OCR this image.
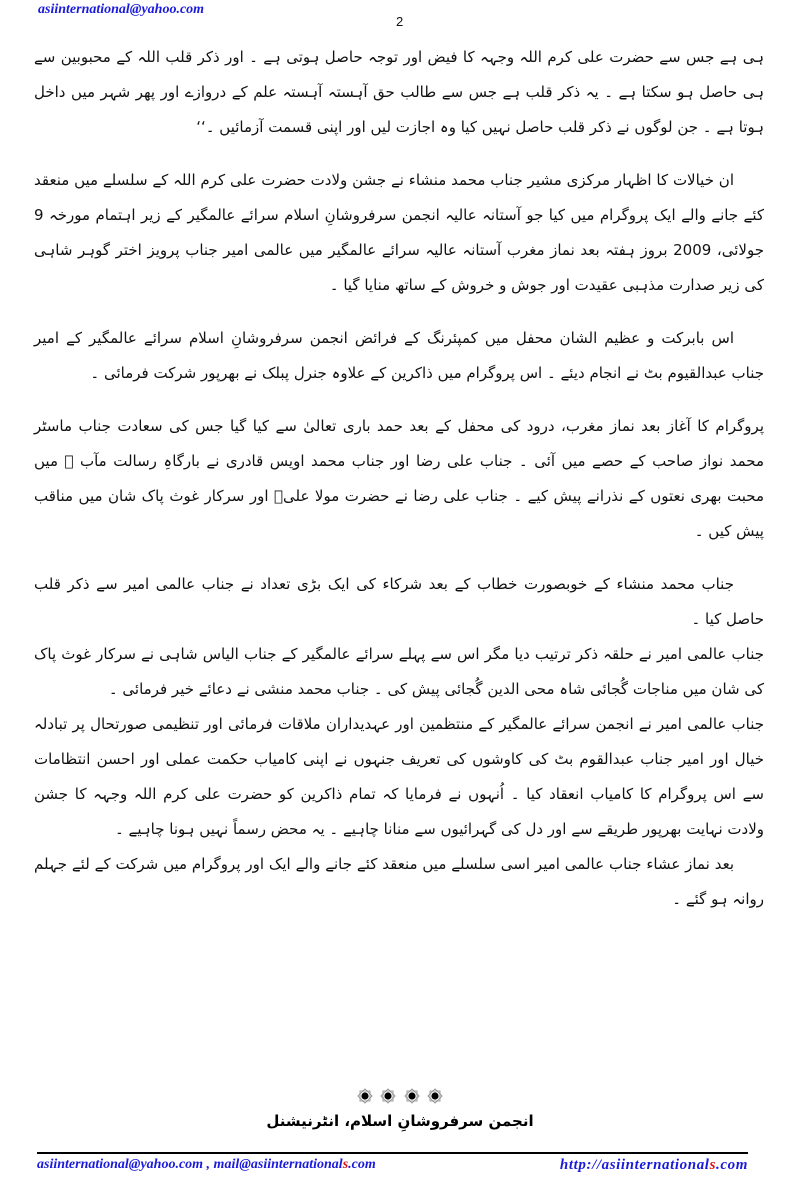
asiinternational@yahoo.com
2

ہی ہے جس سے حضرت علی کرم اللہ وجہہ کا فیض اور توجہ حاصل ہوتی ہے ۔ اور ذکر قلب اللہ کے محبوبین سے ہی حاصل ہو سکتا ہے ۔ یہ ذکر قلب ہے جس سے طالب حق آہستہ آہستہ علم کے دروازے اور پھر شہر میں داخل ہوتا ہے ۔ جن لوگوں نے ذکر قلب حاصل نہیں کیا وہ اجازت لیں اور اپنی قسمت آزمائیں ۔‘‘

ان خیالات کا اظہار مرکزی مشیر جناب محمد منشاء نے جشن ولادت حضرت علی کرم اللہ کے سلسلے میں منعقد کئے جانے والے ایک پروگرام میں کیا جو آستانہ عالیہ انجمن سرفروشانِ اسلام سرائے عالمگیر کے زیر اہتمام مورخہ 9 جولائی، 2009 بروز ہفتہ بعد نماز مغرب آستانہ عالیہ سرائے عالمگیر میں عالمی امیر جناب پرویز اختر گوہر شاہی کی زیر صدارت مذہبی عقیدت اور جوش و خروش کے ساتھ منایا گیا ۔

اس بابرکت و عظیم الشان محفل میں کمپئرنگ کے فرائض انجمن سرفروشانِ اسلام سرائے عالمگیر کے امیر جناب عبدالقیوم بٹ نے انجام دیئے ۔ اس پروگرام میں ذاکرین کے علاوہ جنرل پبلک نے بھرپور شرکت فرمائی ۔

پروگرام کا آغاز بعد نماز مغرب، درود کی محفل کے بعد حمد باری تعالیٰ سے کیا گیا جس کی سعادت جناب ماسٹر محمد نواز صاحب کے حصے میں آئی ۔ جناب علی رضا اور جناب محمد اویس قادری نے بارگاہِ رسالت مآب ﷺ میں محبت بھری نعتوں کے نذرانے پیش کیے ۔ جناب علی رضا نے حضرت مولا علیؑ اور سرکار غوث پاک شان میں مناقب پیش کیں ۔

جناب محمد منشاء کے خوبصورت خطاب کے بعد شرکاء کی ایک بڑی تعداد نے جناب عالمی امیر سے ذکر قلب حاصل کیا ۔

جناب عالمی امیر نے حلقہ ذکر ترتیب دیا مگر اس سے پہلے سرائے عالمگیر کے جناب الیاس شاہی نے سرکار غوث پاک کی شان میں مناجات گُجائی شاہ محی الدین گُجائی پیش کی ۔ جناب محمد منشی نے دعائے خیر فرمائی ۔

جناب عالمی امیر نے انجمن سرائے عالمگیر کے منتظمین اور عہدیداران ملاقات فرمائی اور تنظیمی صورتحال پر تبادلہ خیال اور امیر جناب عبدالقوم بٹ کی کاوشوں کی تعریف جنہوں نے اپنی کامیاب حکمت عملی اور احسن انتظامات سے اس پروگرام کا کامیاب انعقاد کیا ۔ اُنہوں نے فرمایا کہ تمام ذاکرین کو حضرت علی کرم اللہ وجہہ کا جشن ولادت نہایت بھرپور طریقے سے اور دل کی گہرائیوں سے منانا چاہیے ۔ یہ محض رسماً نہیں ہونا چاہیے ۔

بعد نماز عشاء جناب عالمی امیر اسی سلسلے میں منعقد کئے جانے والے ایک اور پروگرام میں شرکت کے لئے جہلم روانہ ہو گئے ۔

انجمن سرفروشانِ اسلام، انٹرنیشنل
asiinternational@yahoo.com , mail@asiinternationals.com	http://asiinternationals.com
